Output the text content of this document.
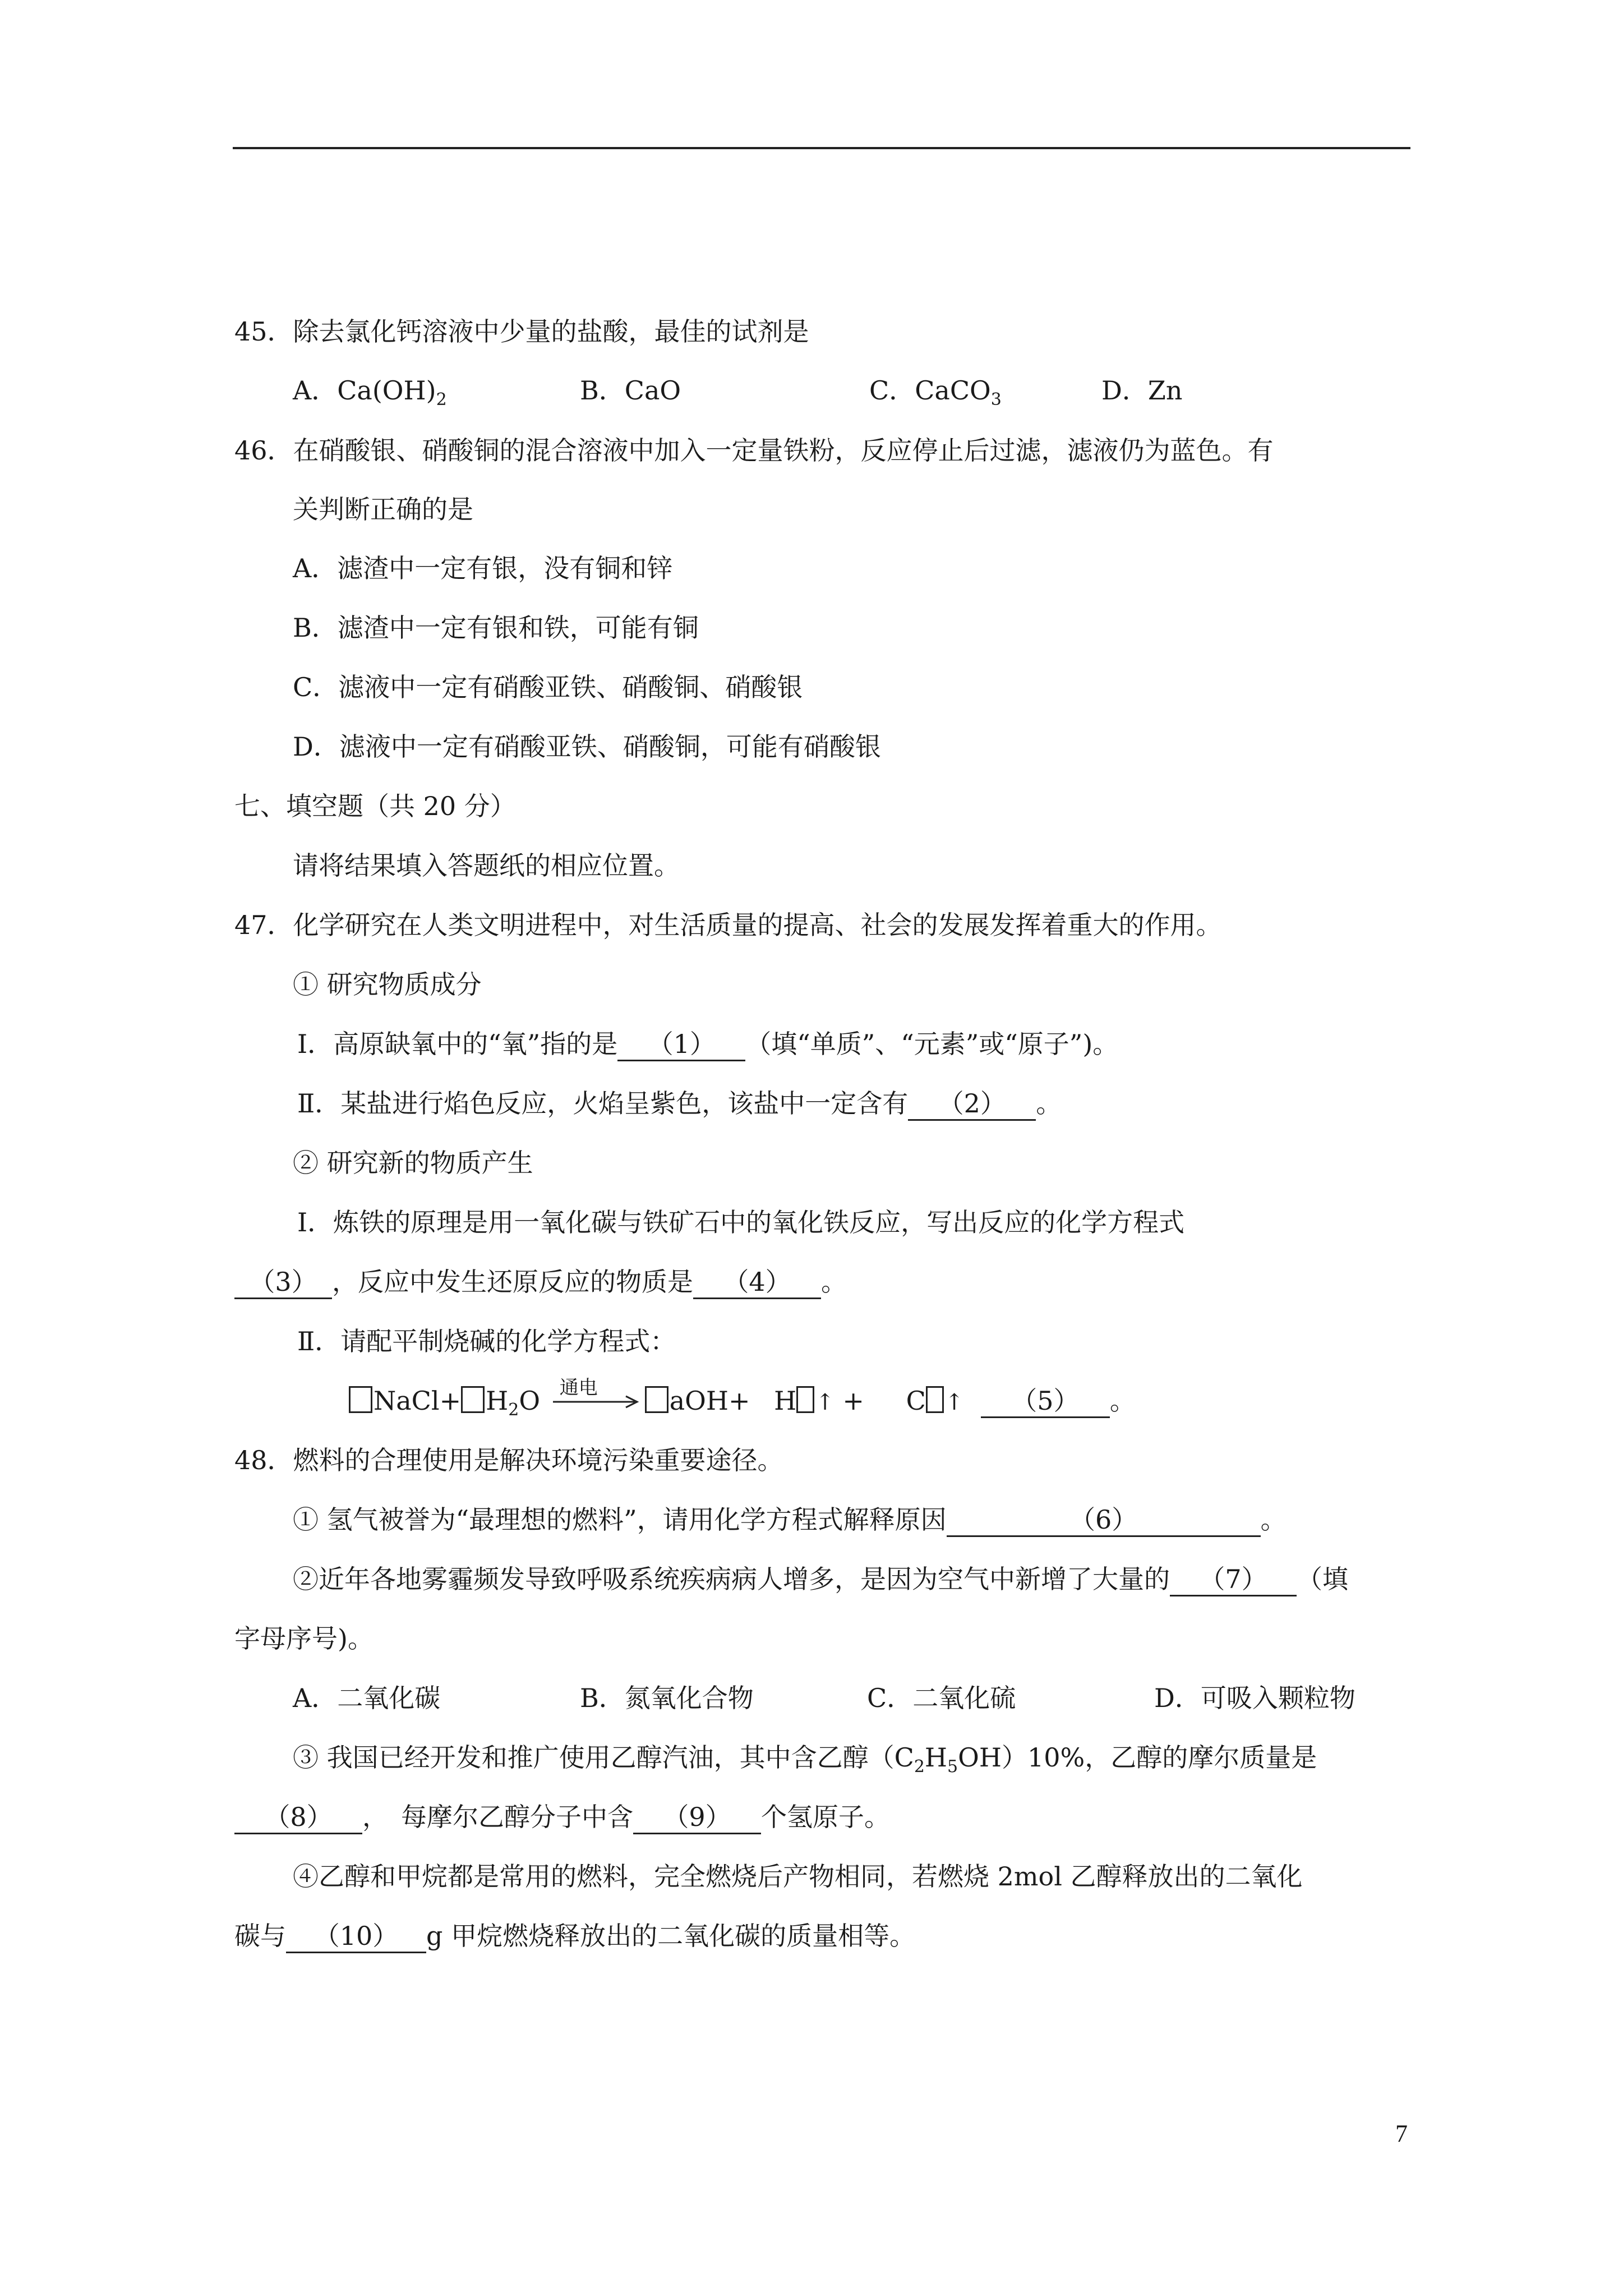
45．除去氯化钙溶液中少量的盐酸，最佳的试剂是
A．$Ca(OH)_2$	B．CaO	C．CaCO$_3$	D．Zn
46．在硝酸银、硝酸铜的混合溶液中加入一定量铁粉，反应停止后过滤，滤液仍为蓝色。有
关判断正确的是
A．滤渣中一定有银，没有铜和锌
B．滤渣中一定有银和铁，可能有铜
C．滤液中一定有硝酸亚铁、硝酸铜、硝酸银
D．滤液中一定有硝酸亚铁、硝酸铜，可能有硝酸银
七、填空题（共 20 分）
请将结果填入答题纸的相应位置。
47．化学研究在人类文明进程中，对生活质量的提高、社会的发展发挥着重大的作用。
① 研究物质成分
Ⅰ．高原缺氧中的“氧”指的是 （1） （填“单质”、“元素”或“原子”)。
Ⅱ．某盐进行焰色反应，火焰呈紫色，该盐中一定含有 （2） 。
② 研究新的物质产生
Ⅰ．炼铁的原理是用一氧化碳与铁矿石中的氧化铁反应，写出反应的化学方程式
（3） ，反应中发生还原反应的物质是 （4） 。
Ⅱ．请配平制烧碱的化学方程式：
NaCl+ $H_2O$ 通电	aOH+ H ↑ + C ↑ （5） 。
48．燃料的合理使用是解决环境污染重要途径。
① 氢气被誉为“最理想的燃料”，请用化学方程式解释原因	（6）	。
②近年各地雾霾频发导致呼吸系统疾病病人增多，是因为空气中新增了大量的 （7） （填
字母序号)。
A．二氧化碳	B．氮氧化合物	C．二氧化硫	D．可吸入颗粒物
③ 我国已经开发和推广使用乙醇汽油，其中含乙醇$(C_2H_5OH)10\%$，乙醇的摩尔质量是
（8） ，　每摩尔乙醇分子中含 （9） 个氢原子。
④乙醇和甲烷都是常用的燃料，完全燃烧后产物相同，若燃烧 2mol 乙醇释放出的二氧化
碳与 （10） g 甲烷燃烧释放出的二氧化碳的质量相等。
7
